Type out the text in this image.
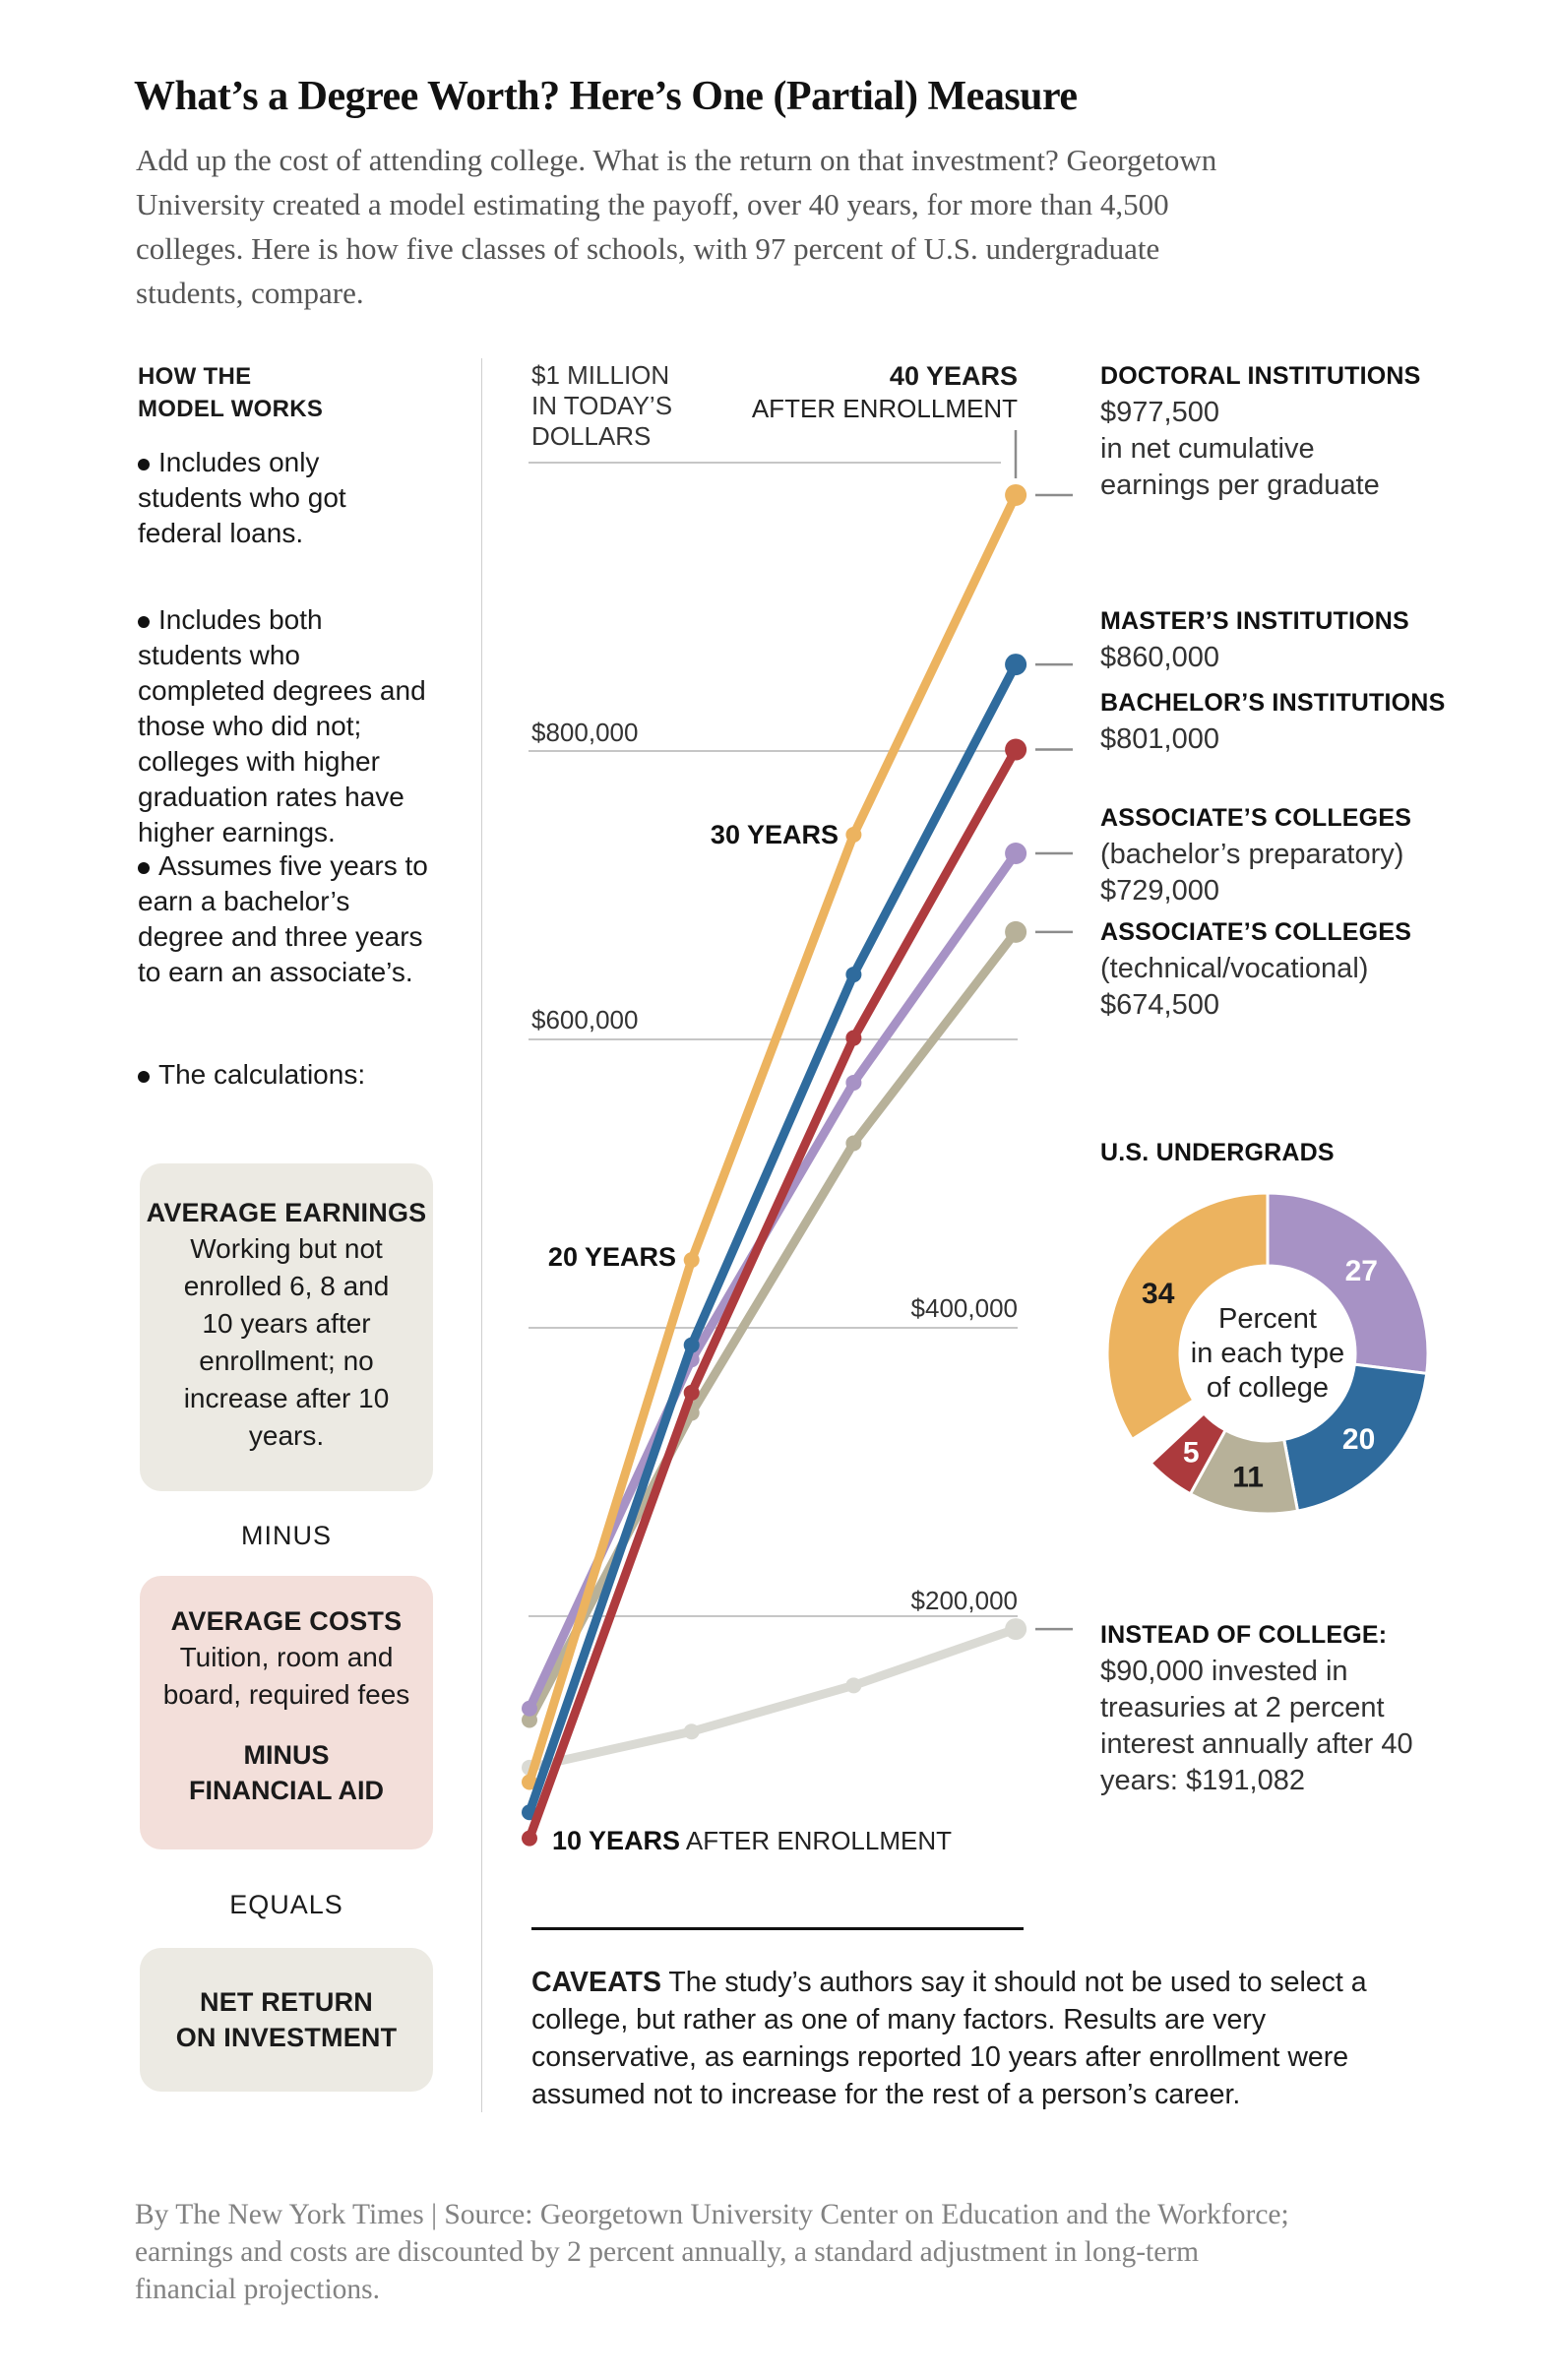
What’s a Degree Worth? Here’s One (Partial) Measure
Add up the cost of attending college. What is the return on that investment? Georgetown
University created a model estimating the payoff, over 40 years, for more than 4,500
colleges. Here is how five classes of schools, with 97 percent of U.S. undergraduate
students, compare.
HOW THE
MODEL WORKS
Includes only
students who got
federal loans.
Includes both
students who
completed degrees and
those who did not;
colleges with higher
graduation rates have
higher earnings.
Assumes five years to
earn a bachelor’s
degree and three years
to earn an associate’s.
The calculations:
AVERAGE EARNINGS
Working but not
enrolled 6, 8 and
10 years after
enrollment; no
increase after 10
years.
MINUS
AVERAGE COSTS
Tuition, room and
board, required fees
MINUS
FINANCIAL AID
EQUALS
NET RETURN
ON INVESTMENT
$1 MILLION
IN TODAY’S
DOLLARS
$800,000
$600,000
$400,000
$200,000
40 YEARS
AFTER ENROLLMENT
30 YEARS
20 YEARS
10 YEARS AFTER ENROLLMENT
DOCTORAL INSTITUTIONS
$977,500
in net cumulative
earnings per graduate
MASTER’S INSTITUTIONS
$860,000
BACHELOR’S INSTITUTIONS
$801,000
ASSOCIATE’S COLLEGES
(bachelor’s preparatory)
$729,000
ASSOCIATE’S COLLEGES
(technical/vocational)
$674,500
INSTEAD OF COLLEGE:
$90,000 invested in
treasuries at 2 percent
interest annually after 40
years: $191,082
U.S. UNDERGRADS
27
20
11
5
34
Percent
in each type
of college
CAVEATS The study’s authors say it should not be used to select a
college, but rather as one of many factors. Results are very
conservative, as earnings reported 10 years after enrollment were
assumed not to increase for the rest of a person’s career.
By The New York Times | Source: Georgetown University Center on Education and the Workforce;
earnings and costs are discounted by 2 percent annually, a standard adjustment in long-term
financial projections.
